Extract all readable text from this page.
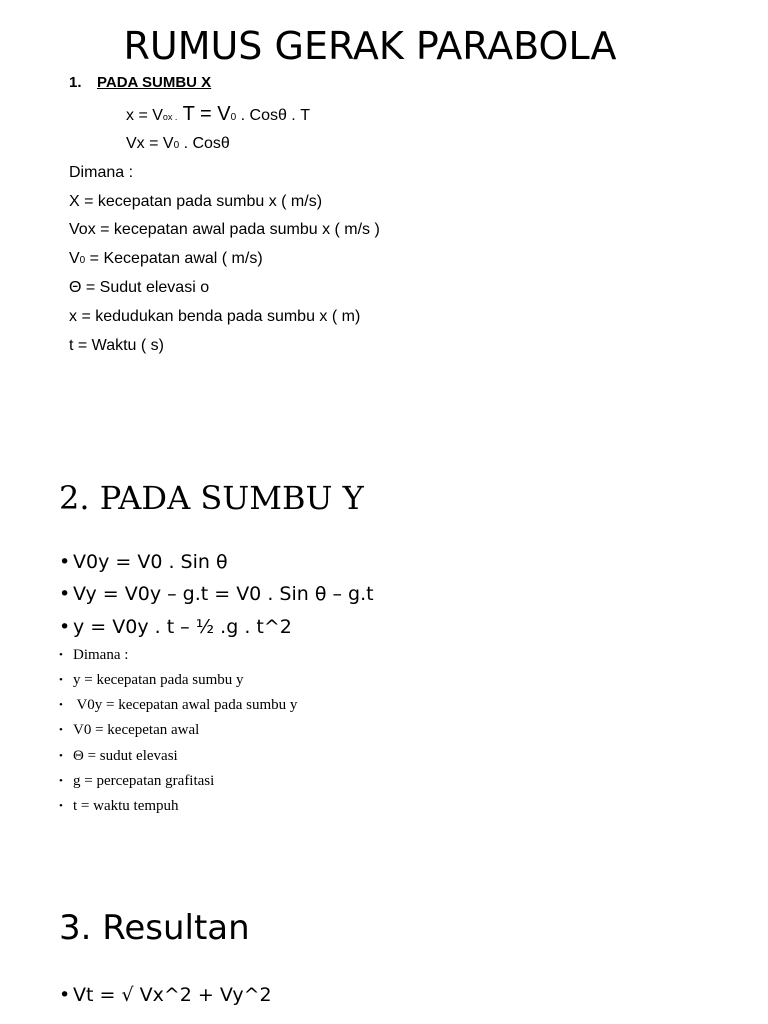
RUMUS GERAK PARABOLA
1. PADA SUMBU X
x = Vox . T = V0 . Cosθ . T
Vx = V0 . Cosθ
Dimana :
X = kecepatan pada sumbu x ( m/s)
Vox = kecepatan awal pada sumbu x ( m/s )
V0 = Kecepatan awal ( m/s)
Θ = Sudut elevasi o
x = kedudukan benda pada sumbu x ( m)
t = Waktu ( s)
2. PADA SUMBU Y
• V0y = V0 . Sin θ
• Vy = V0y – g.t = V0 . Sin θ – g.t
• y = V0y . t – ½ .g . t^2
• Dimana :
• y = kecepatan pada sumbu y
• V0y = kecepatan awal pada sumbu y
• V0 = kecepetan awal
• Θ = sudut elevasi
• g = percepatan grafitasi
• t = waktu tempuh
3. Resultan
• Vt = √ Vx^2 + Vy^2
